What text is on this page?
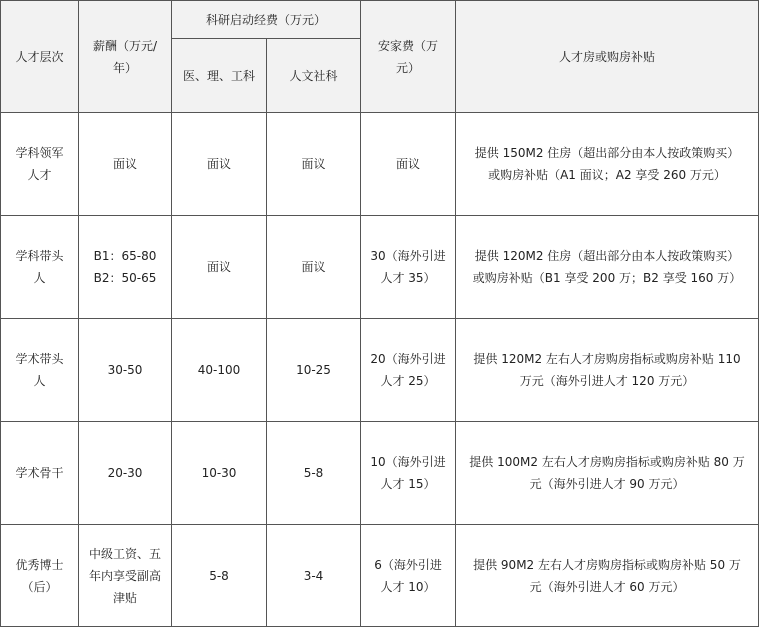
人才层次	薪酬（万元/
年）	科研启动经费（万元）		安家费（万
元）	人才房或购房补贴

		医、理、工科	人文社科		

学科领军
人才	面议	面议	面议	面议	提供 150M2 住房（超出部分由本人按政策购买）
或购房补贴（A1 面议；A2 享受 260 万元）

学科带头
人	B1：65-80
B2：50-65	面议	面议	30（海外引进
人才 35）	提供 120M2 住房（超出部分由本人按政策购买）
或购房补贴（B1 享受 200 万；B2 享受 160 万）

学术带头
人	30-50	40-100	10-25	20（海外引进
人才 25）	提供 120M2 左右人才房购房指标或购房补贴 110
万元（海外引进人才 120 万元）

学术骨干	20-30	10-30	5-8	10（海外引进
人才 15）	提供 100M2 左右人才房购房指标或购房补贴 80 万
元（海外引进人才 90 万元）

优秀博士
（后）	中级工资、五
年内享受副高
津贴	5-8	3-4	6（海外引进
人才 10）	提供 90M2 左右人才房购房指标或购房补贴 50 万
元（海外引进人才 60 万元）
